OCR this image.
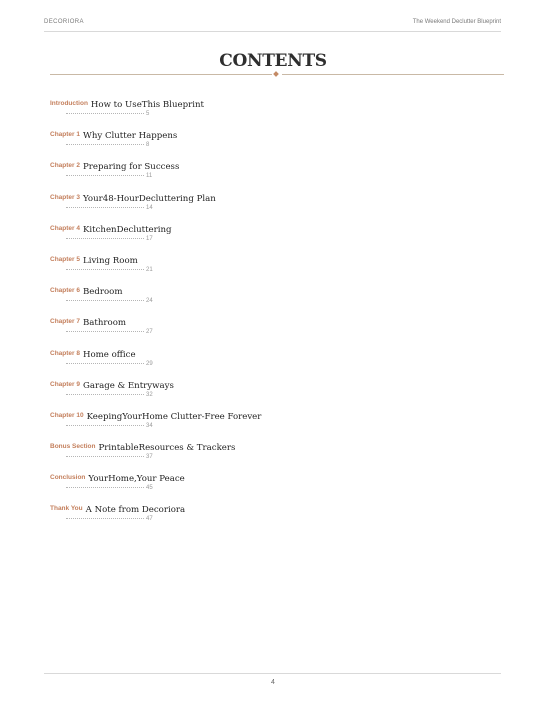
DECORIORA	The Weekend Declutter Blueprint
CONTENTS
Introduction How to UseThis Blueprint
5
Chapter 1 Why Clutter Happens
8
Chapter 2 Preparing for Success
11
Chapter 3 Your48-HourDecluttering Plan
14
Chapter 4 KitchenDecluttering
17
Chapter 5 Living Room
21
Chapter 6 Bedroom
24
Chapter 7 Bathroom
27
Chapter 8 Home office
29
Chapter 9 Garage & Entryways
32
Chapter 10 KeepingYourHome Clutter-Free Forever
34
Bonus Section PrintableResources & Trackers
37
Conclusion YourHome,Your Peace
45
Thank You A Note from Decoriora
47
4
